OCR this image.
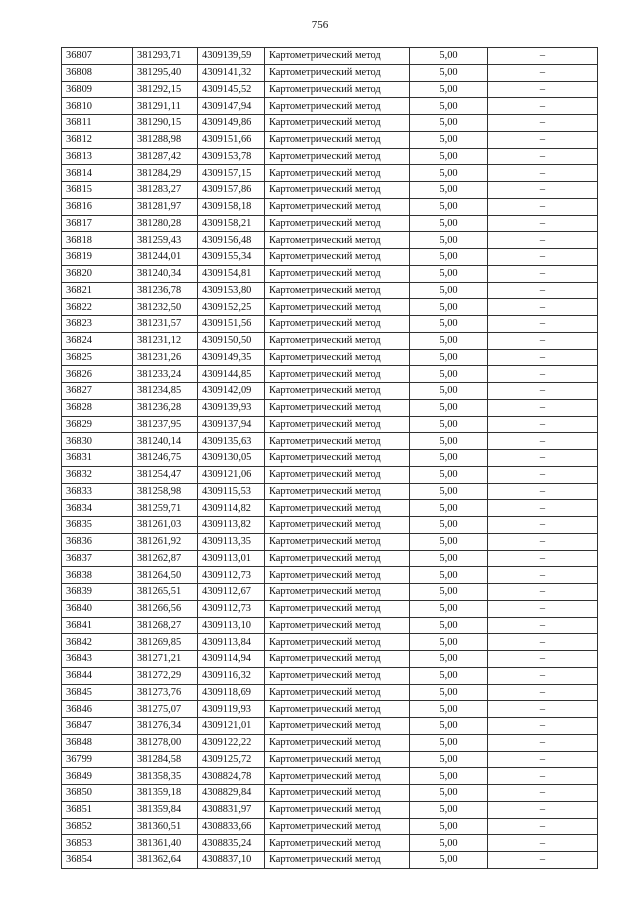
756
36807	381293,71	4309139,59	Картометрический метод	5,00	–
36808	381295,40	4309141,32	Картометрический метод	5,00	–
36809	381292,15	4309145,52	Картометрический метод	5,00	–
36810	381291,11	4309147,94	Картометрический метод	5,00	–
36811	381290,15	4309149,86	Картометрический метод	5,00	–
36812	381288,98	4309151,66	Картометрический метод	5,00	–
36813	381287,42	4309153,78	Картометрический метод	5,00	–
36814	381284,29	4309157,15	Картометрический метод	5,00	–
36815	381283,27	4309157,86	Картометрический метод	5,00	–
36816	381281,97	4309158,18	Картометрический метод	5,00	–
36817	381280,28	4309158,21	Картометрический метод	5,00	–
36818	381259,43	4309156,48	Картометрический метод	5,00	–
36819	381244,01	4309155,34	Картометрический метод	5,00	–
36820	381240,34	4309154,81	Картометрический метод	5,00	–
36821	381236,78	4309153,80	Картометрический метод	5,00	–
36822	381232,50	4309152,25	Картометрический метод	5,00	–
36823	381231,57	4309151,56	Картометрический метод	5,00	–
36824	381231,12	4309150,50	Картометрический метод	5,00	–
36825	381231,26	4309149,35	Картометрический метод	5,00	–
36826	381233,24	4309144,85	Картометрический метод	5,00	–
36827	381234,85	4309142,09	Картометрический метод	5,00	–
36828	381236,28	4309139,93	Картометрический метод	5,00	–
36829	381237,95	4309137,94	Картометрический метод	5,00	–
36830	381240,14	4309135,63	Картометрический метод	5,00	–
36831	381246,75	4309130,05	Картометрический метод	5,00	–
36832	381254,47	4309121,06	Картометрический метод	5,00	–
36833	381258,98	4309115,53	Картометрический метод	5,00	–
36834	381259,71	4309114,82	Картометрический метод	5,00	–
36835	381261,03	4309113,82	Картометрический метод	5,00	–
36836	381261,92	4309113,35	Картометрический метод	5,00	–
36837	381262,87	4309113,01	Картометрический метод	5,00	–
36838	381264,50	4309112,73	Картометрический метод	5,00	–
36839	381265,51	4309112,67	Картометрический метод	5,00	–
36840	381266,56	4309112,73	Картометрический метод	5,00	–
36841	381268,27	4309113,10	Картометрический метод	5,00	–
36842	381269,85	4309113,84	Картометрический метод	5,00	–
36843	381271,21	4309114,94	Картометрический метод	5,00	–
36844	381272,29	4309116,32	Картометрический метод	5,00	–
36845	381273,76	4309118,69	Картометрический метод	5,00	–
36846	381275,07	4309119,93	Картометрический метод	5,00	–
36847	381276,34	4309121,01	Картометрический метод	5,00	–
36848	381278,00	4309122,22	Картометрический метод	5,00	–
36799	381284,58	4309125,72	Картометрический метод	5,00	–
36849	381358,35	4308824,78	Картометрический метод	5,00	–
36850	381359,18	4308829,84	Картометрический метод	5,00	–
36851	381359,84	4308831,97	Картометрический метод	5,00	–
36852	381360,51	4308833,66	Картометрический метод	5,00	–
36853	381361,40	4308835,24	Картометрический метод	5,00	–
36854	381362,64	4308837,10	Картометрический метод	5,00	–
